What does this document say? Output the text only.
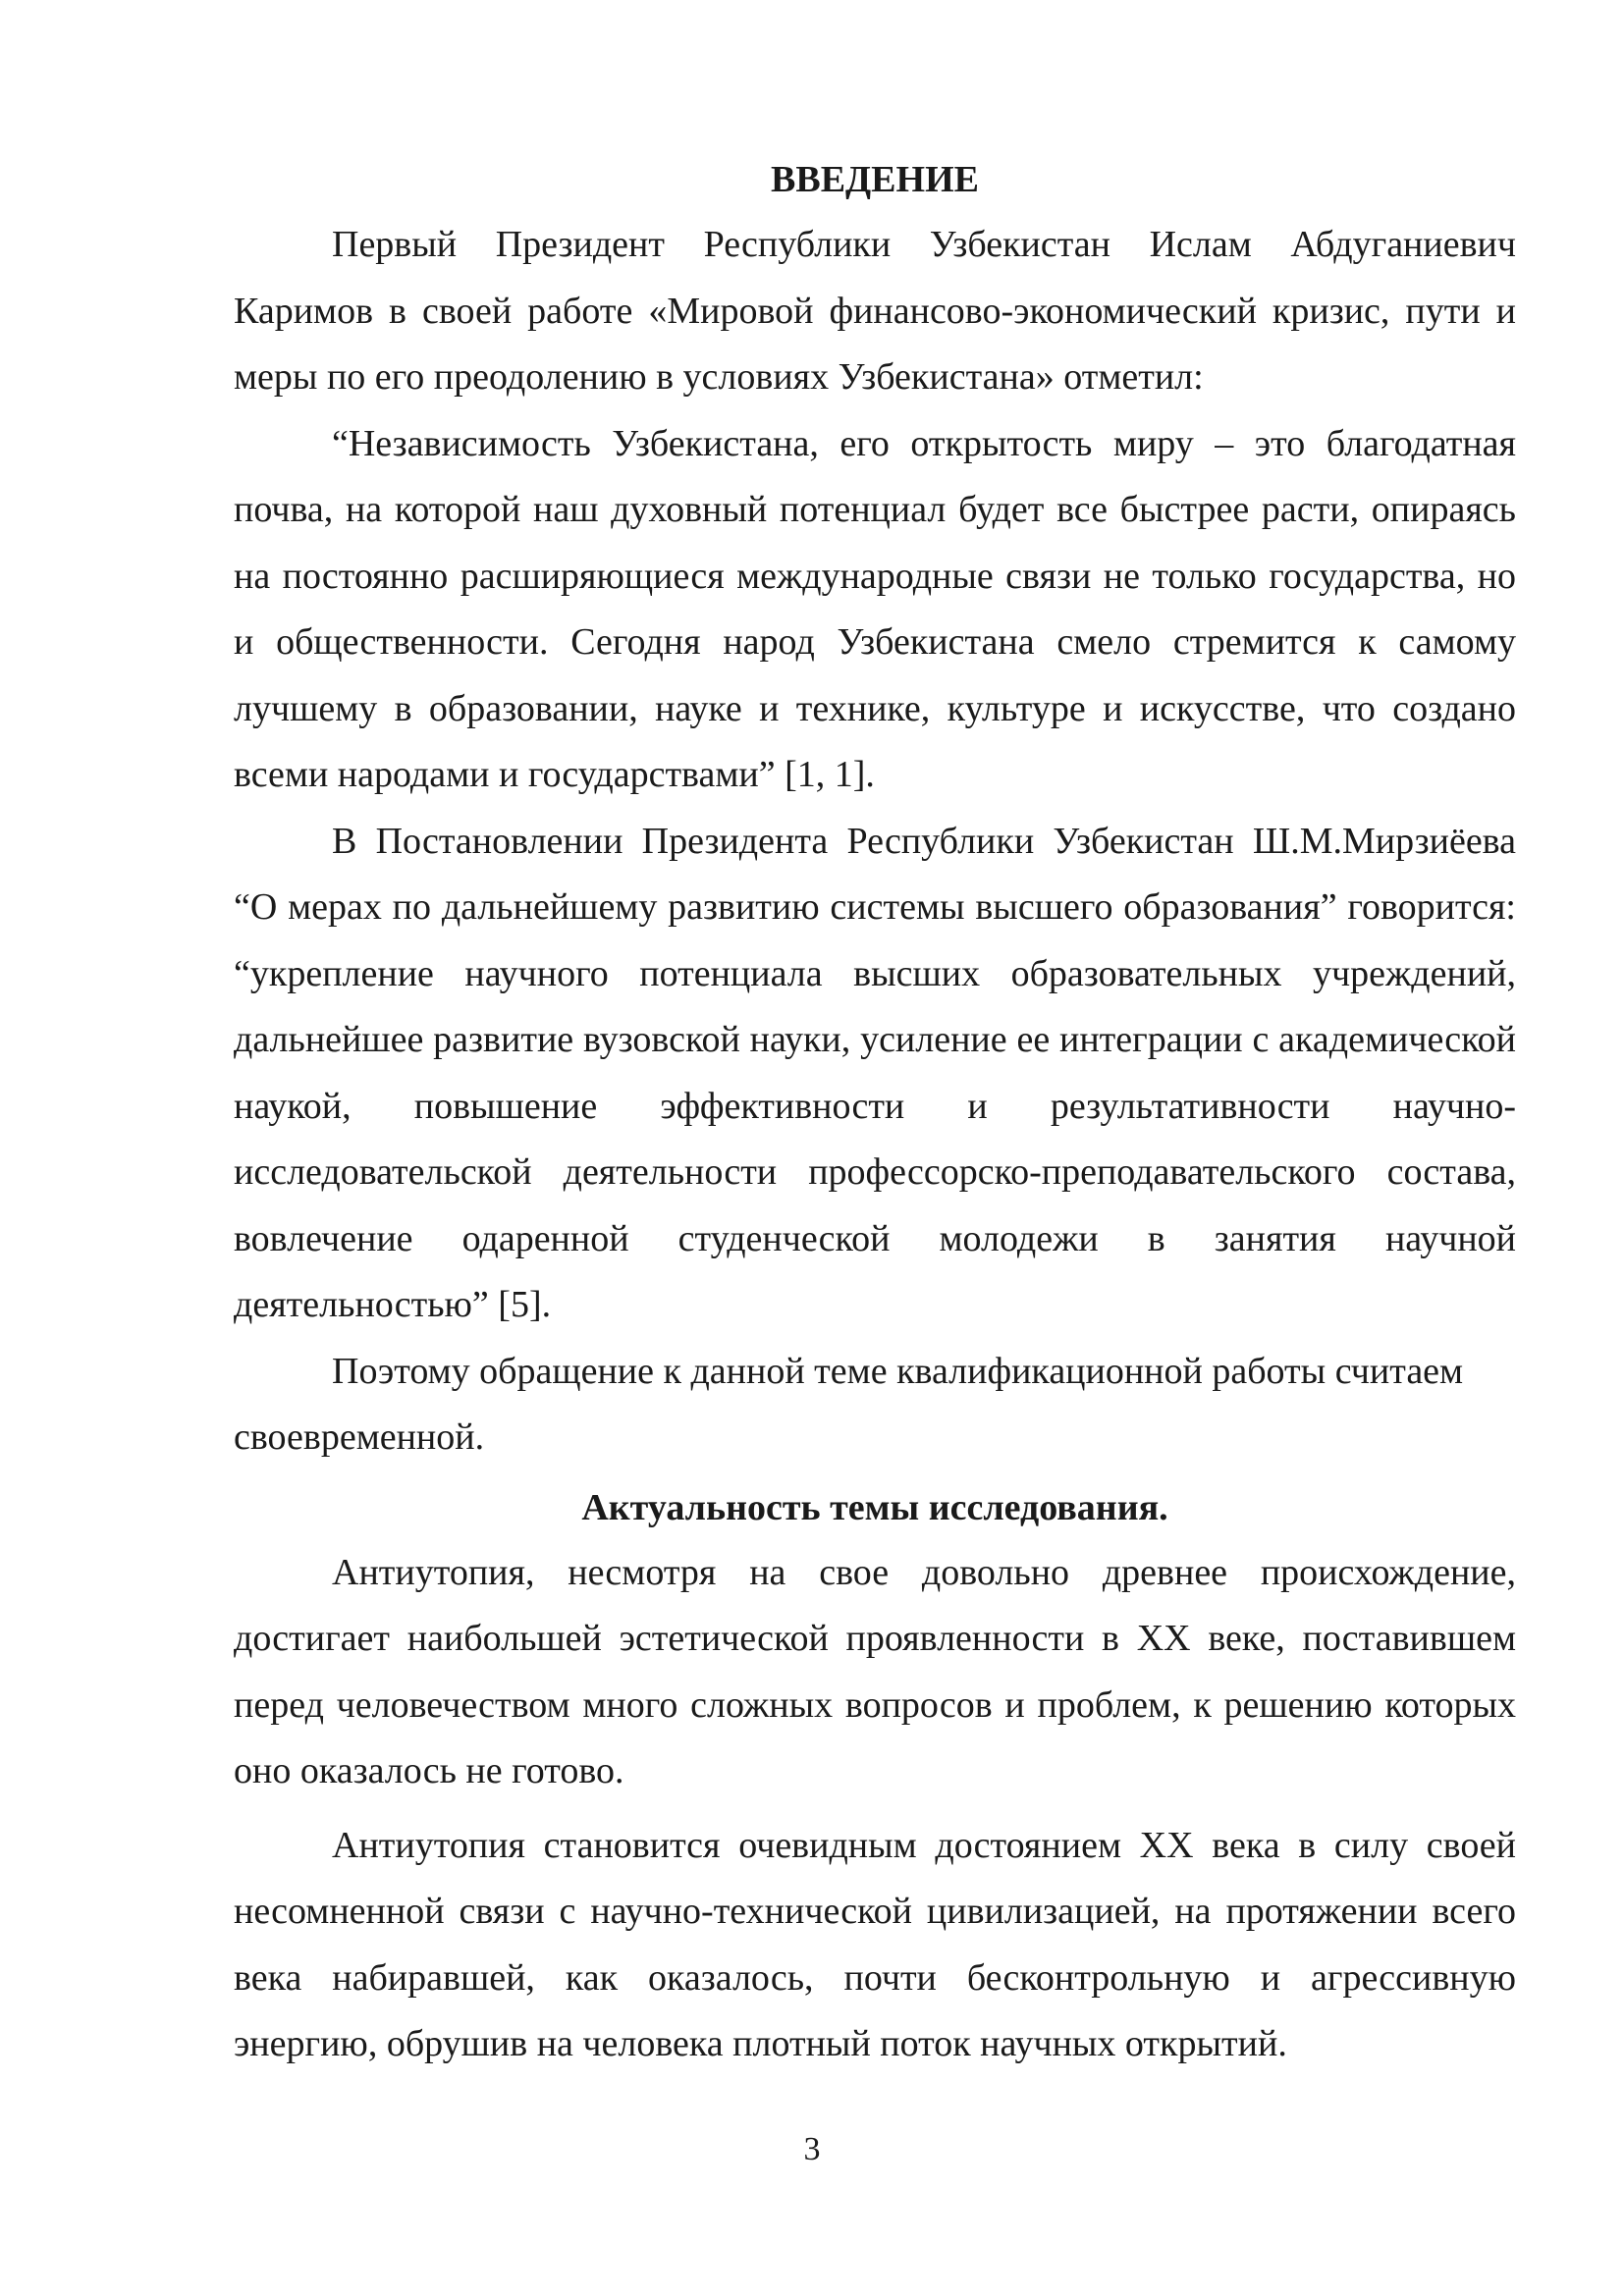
ВВЕДЕНИЕ

Первый Президент Республики Узбекистан Ислам Абдуганиевич Каримов в своей работе «Мировой финансово-экономический кризис, пути и меры по его преодолению в условиях Узбекистана» отметил:

“Независимость Узбекистана, его открытость миру – это благодатная почва, на которой наш духовный потенциал будет все быстрее расти, опираясь на постоянно расширяющиеся международные связи не только государства, но и общественности. Сегодня народ Узбекистана смело стремится к самому лучшему в образовании, науке и технике, культуре и искусстве, что создано всеми народами и государствами” [1, 1].

В Постановлении Президента Республики Узбекистан Ш.М.Мирзиёева “О мерах по дальнейшему развитию системы высшего образования” говорится: “укрепление научного потенциала высших образовательных учреждений, дальнейшее развитие вузовской науки, усиление ее интеграции с академической наукой, повышение эффективности и результативности научно-исследовательской деятельности профессорско-преподавательского состава, вовлечение одаренной студенческой молодежи в занятия научной деятельностью” [5].

Поэтому обращение к данной теме квалификационной работы считаем своевременной.

Актуальность темы исследования.

Антиутопия, несмотря на свое довольно древнее происхождение, достигает наибольшей эстетической проявленности в XX веке, поставившем перед человечеством много сложных вопросов и проблем, к решению которых оно оказалось не готово.

Антиутопия становится очевидным достоянием XX века в силу своей несомненной связи с научно-технической цивилизацией, на протяжении всего века набиравшей, как оказалось, почти бесконтрольную и агрессивную энергию, обрушив на человека плотный поток научных открытий.

3
